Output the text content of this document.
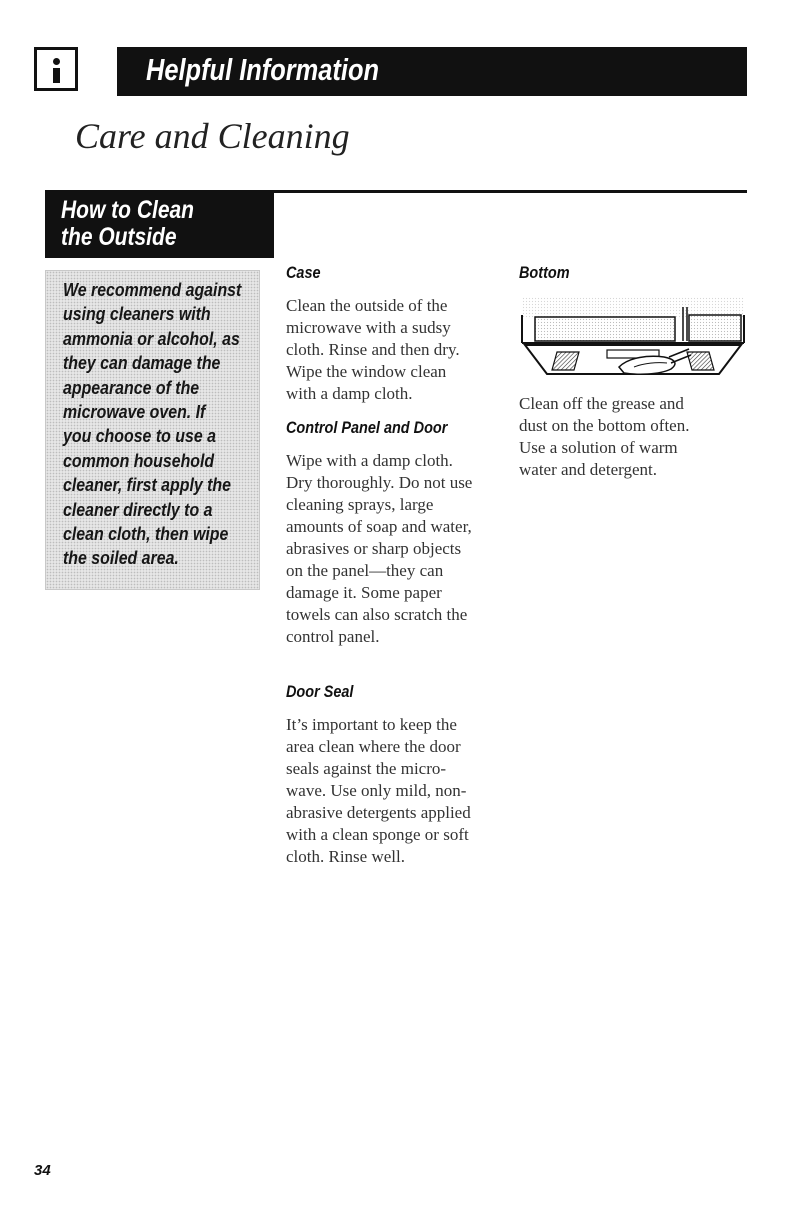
Helpful Information
Care and Cleaning
How to Clean
the Outside
We recommend against
using cleaners with
ammonia or alcohol, as
they can damage the
appearance of the
microwave oven. If
you choose to use a
common household
cleaner, first apply the
cleaner directly to a
clean cloth, then wipe
the soiled area.
Case
Clean the outside of the
microwave with a sudsy
cloth. Rinse and then dry.
Wipe the window clean
with a damp cloth.
Control Panel and Door
Wipe with a damp cloth.
Dry thoroughly. Do not use
cleaning sprays, large
amounts of soap and water,
abrasives or sharp objects
on the panel—they can
damage it. Some paper
towels can also scratch the
control panel.
Door Seal
It’s important to keep the
area clean where the door
seals against the micro-
wave. Use only mild, non-
abrasive detergents applied
with a clean sponge or soft
cloth. Rinse well.
Bottom
Clean off the grease and
dust on the bottom often.
Use a solution of warm
water and detergent.
34
